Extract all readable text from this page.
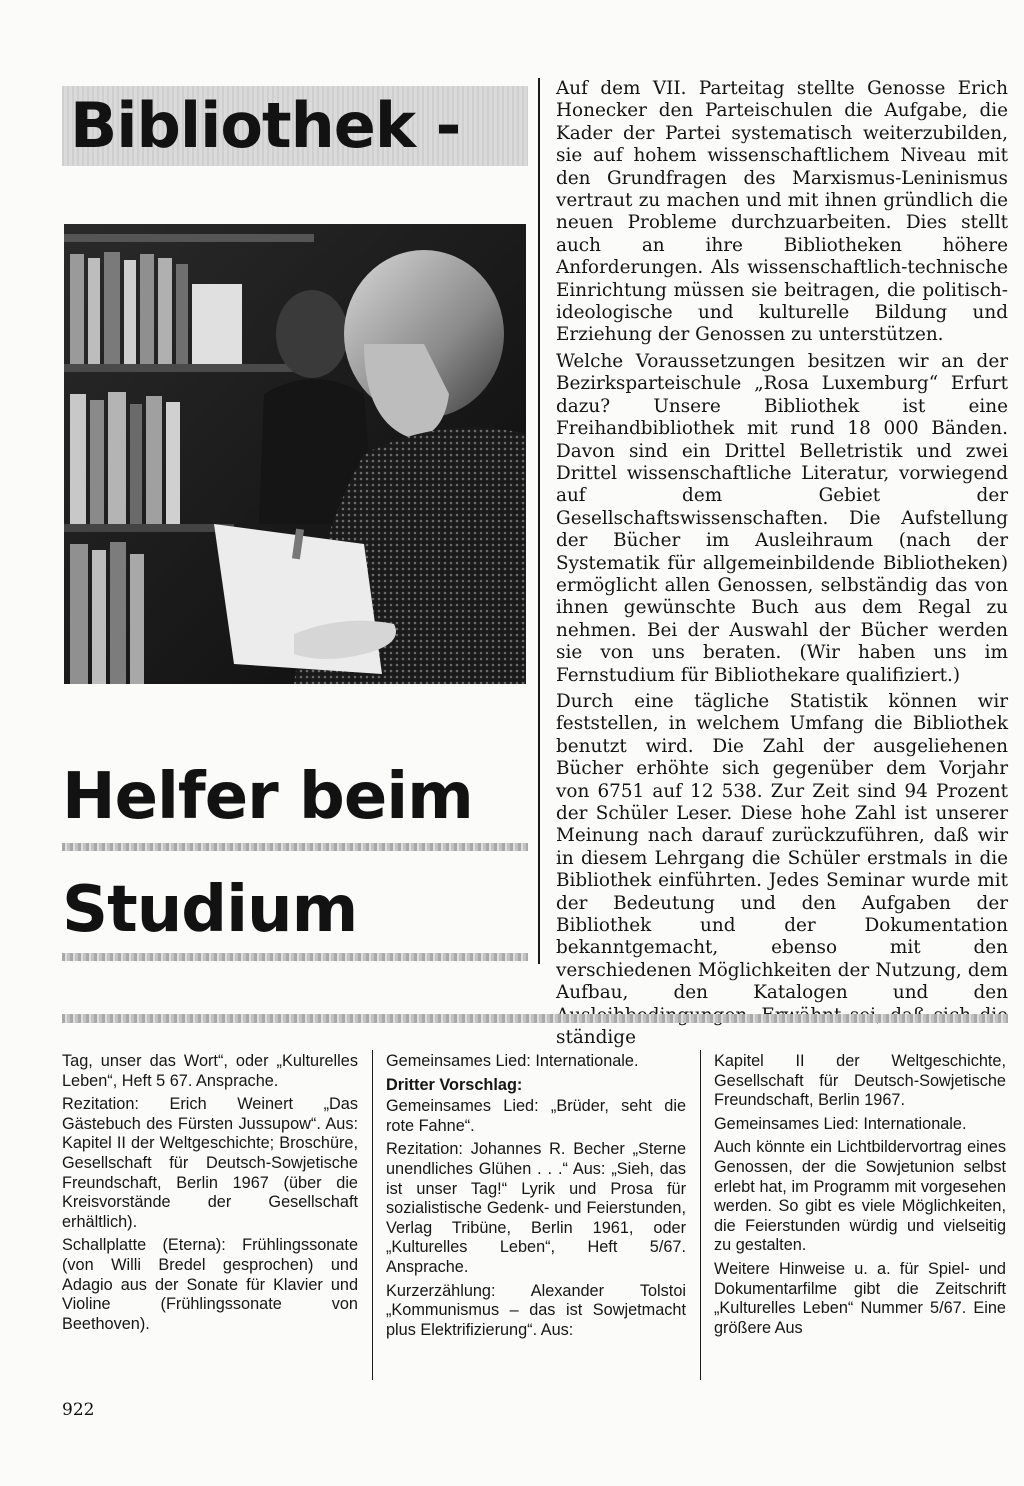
Bibliothek -
Helfer beim
Studium

Auf dem VII. Parteitag stellte Genosse Erich Honecker den Parteischulen die Aufgabe, die Kader der Partei systematisch weiterzubilden, sie auf hohem wissenschaftlichem Niveau mit den Grundfragen des Marxismus-Leninismus vertraut zu machen und mit ihnen gründlich die neuen Probleme durchzuarbeiten. Dies stellt auch an ihre Bibliotheken höhere Anforderungen. Als wissenschaftlich-technische Einrichtung müssen sie beitragen, die politisch-ideologische und kulturelle Bildung und Erziehung der Genossen zu unterstützen.

Welche Voraussetzungen besitzen wir an der Bezirksparteischule „Rosa Luxemburg“ Erfurt dazu? Unsere Bibliothek ist eine Freihandbibliothek mit rund 18 000 Bänden. Davon sind ein Drittel Belletristik und zwei Drittel wissenschaftliche Literatur, vorwiegend auf dem Gebiet der Gesellschaftswissenschaften. Die Aufstellung der Bücher im Ausleihraum (nach der Systematik für allgemeinbildende Bibliotheken) ermöglicht allen Genossen, selbständig das von ihnen gewünschte Buch aus dem Regal zu nehmen. Bei der Auswahl der Bücher werden sie von uns beraten. (Wir haben uns im Fernstudium für Bibliothekare qualifiziert.)

Durch eine tägliche Statistik können wir feststellen, in welchem Umfang die Bibliothek benutzt wird. Die Zahl der ausgeliehenen Bücher erhöhte sich gegenüber dem Vorjahr von 6751 auf 12 538. Zur Zeit sind 94 Prozent der Schüler Leser. Diese hohe Zahl ist unserer Meinung nach darauf zurückzuführen, daß wir in diesem Lehrgang die Schüler erstmals in die Bibliothek einführten. Jedes Seminar wurde mit der Bedeutung und den Aufgaben der Bibliothek und der Dokumentation bekanntgemacht, ebenso mit den verschiedenen Möglichkeiten der Nutzung, dem Aufbau, den Katalogen und den ständige

Tag, unser das Wort“, oder „Kulturelles Leben“, Heft 5 67. Ansprache.

Rezitation: Erich Weinert „Das Gästebuch des Fürsten Jussupow“. Aus: Kapitel II der Weltgeschichte; Broschüre, Gesellschaft für Deutsch-Sowjetische Freundschaft, Berlin 1967 (über die Kreisvorstände der Gesellschaft erhältlich).

Schallplatte (Eterna): Frühlingssonate (von Willi Bredel gesprochen) und Adagio aus der Sonate für Klavier und Violine (Frühlingssonate von Beethoven).

Gemeinsames Lied: Internationale.

Dritter Vorschlag:

Gemeinsames Lied: „Brüder, seht die rote Fahne“.

Rezitation: Johannes R. Becher „Sterne unendliches Glühen . . .“ Aus: „Sieh, das ist unser Tag!“ Lyrik und Prosa für sozialistische Gedenk- und Feierstunden, Verlag Tribüne, Berlin 1961, oder „Kulturelles Leben“, Heft 5/67. Ansprache.

Kurzerzählung: Alexander Tolstoi „Kommunismus – das ist Sowjetmacht plus Elektrifizierung“. Aus:

Kapitel II der Weltgeschichte, Gesellschaft für Deutsch-Sowjetische Freundschaft, Berlin 1967.

Gemeinsames Lied: Internationale.

Auch könnte ein Lichtbildervortrag eines Genossen, der die Sowjetunion selbst erlebt hat, im Programm mit vorgesehen werden. So gibt es viele Möglichkeiten, die Feierstunden würdig und vielseitig zu gestalten.

Weitere Hinweise u. a. für Spiel- und Dokumentarfilme gibt die Zeitschrift „Kulturelles Leben“ Nummer 5/67. Eine größere Aus

922
